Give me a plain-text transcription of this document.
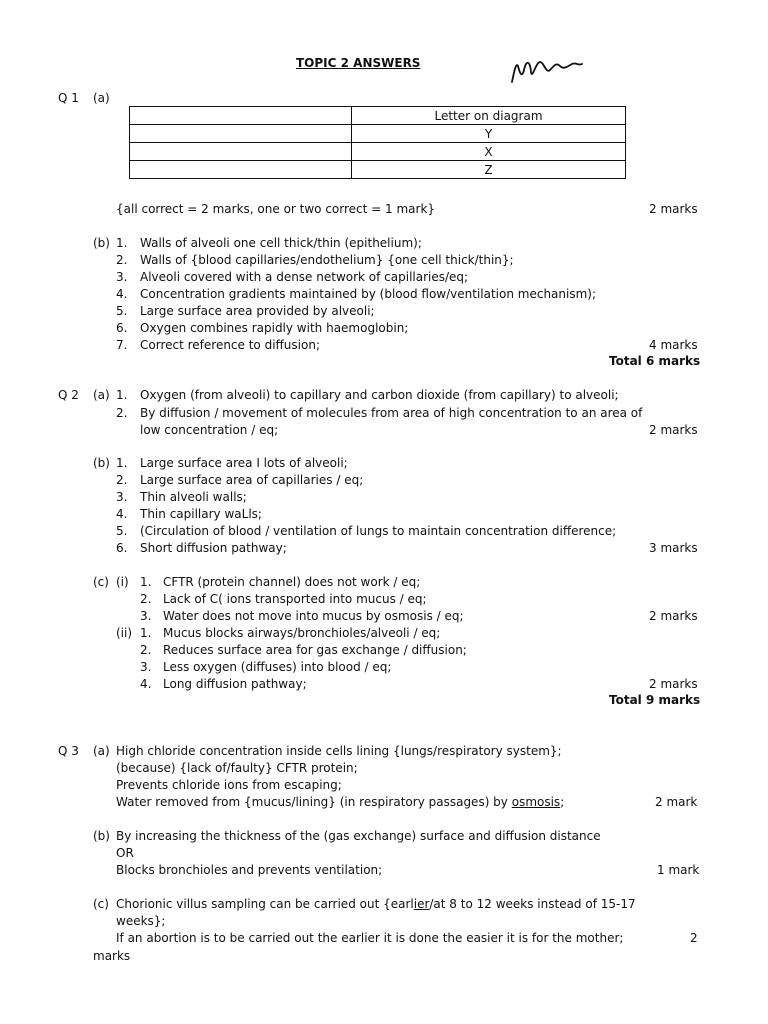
TOPIC 2 ANSWERS
Q 1 (a)
	Letter on diagram
	Y
	X
	Z
{all correct = 2 marks, one or two correct = 1 mark}	2 marks
(b) 1. Walls of alveoli one cell thick/thin (epithelium);
2. Walls of {blood capillaries/endothelium} {one cell thick/thin};
3. Alveoli covered with a dense network of capillaries/eq;
4. Concentration gradients maintained by (blood flow/ventilation mechanism);
5. Large surface area provided by alveoli;
6. Oxygen combines rapidly with haemoglobin;
7. Correct reference to diffusion;	4 marks
Total 6 marks
Q 2 (a) 1. Oxygen (from alveoli) to capillary and carbon dioxide (from capillary) to alveoli;
2. By diffusion / movement of molecules from area of high concentration to an area of
low concentration / eq;	2 marks
(b) 1. Large surface area I lots of alveoli;
2. Large surface area of capillaries / eq;
3. Thin alveoli walls;
4. Thin capillary waLls;
5. (Circulation of blood / ventilation of lungs to maintain concentration difference;
6. Short diffusion pathway;	3 marks
(c) (i) 1. CFTR (protein channel) does not work / eq;
2. Lack of C( ions transported into mucus / eq;
3. Water does not move into mucus by osmosis / eq;	2 marks
(ii) 1. Mucus blocks airways/bronchioles/alveoli / eq;
2. Reduces surface area for gas exchange / diffusion;
3. Less oxygen (diffuses) into blood / eq;
4. Long diffusion pathway;	2 marks
Total 9 marks
Q 3 (a) High chloride concentration inside cells lining {lungs/respiratory system};
(because) {lack of/faulty} CFTR protein;
Prevents chloride ions from escaping;
Water removed from {mucus/lining} (in respiratory passages) by osmosis;	2 mark
(b) By increasing the thickness of the (gas exchange) surface and diffusion distance
OR
Blocks bronchioles and prevents ventilation;	1 mark
(c) Chorionic villus sampling can be carried out {earlier/at 8 to 12 weeks instead of 15-17
weeks};
If an abortion is to be carried out the earlier it is done the easier it is for the mother;	2
marks
